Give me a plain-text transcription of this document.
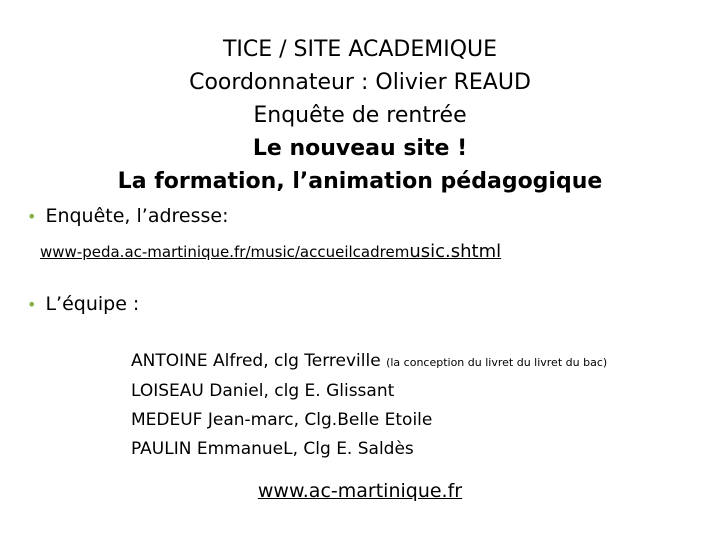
TICE / SITE ACADEMIQUE
Coordonnateur : Olivier REAUD
Enquête de rentrée
Le nouveau site !
La formation, l’animation pédagogique
• Enquête, l’adresse:
www-peda.ac-martinique.fr/music/accueilcadremusic.shtml
• L’équipe :
ANTOINE Alfred, clg Terreville (la conception du livret du livret du bac)
LOISEAU Daniel, clg E. Glissant
MEDEUF Jean-marc, Clg.Belle Etoile
PAULIN EmmanueL, Clg E. Saldès
www.ac-martinique.fr
